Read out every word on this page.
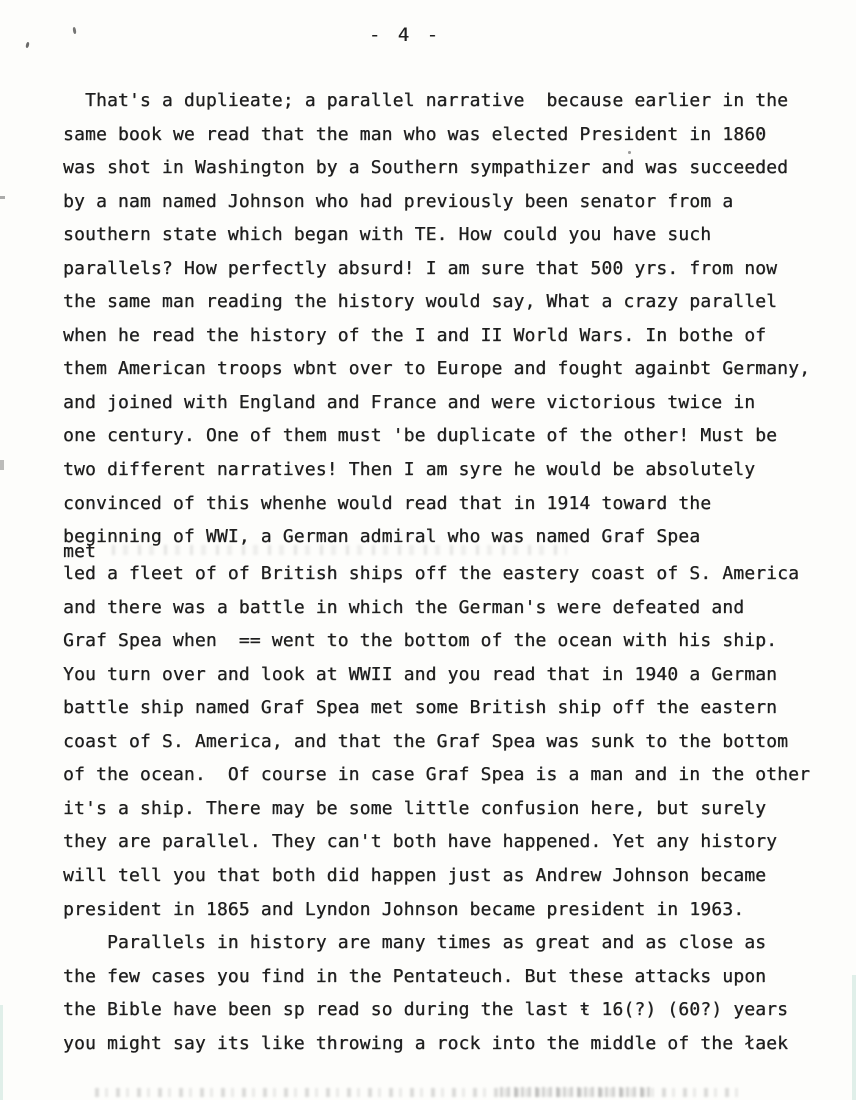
- 4 -
That's a duplieate; a parallel narrative  because earlier in the
same book we read that the man who was elected President in 1860
was shot in Washington by a Southern sympathizer and was succeeded
by a nam named Johnson who had previously been senator from a
southern state which began with TE. How could you have such
parallels? How perfectly absurd! I am sure that 500 yrs. from now
the same man reading the history would say, What a crazy parallel
when he read the history of the I and II World Wars. In bothe of
them American troops wbnt over to Europe and fought againbt Germany,
and joined with England and France and were victorious twice in
one century. One of them must 'be duplicate of the other! Must be
two different narratives! Then I am syre he would be absolutely
convinced of this whenhe would read that in 1914 toward the
beginning of WWI, a German admiral who was named Graf Spea
met
led a fleet of of British ships off the eastery coast of S. America
and there was a battle in which the German's were defeated and
Graf Spea when  == went to the bottom of the ocean with his ship.
You turn over and look at WWII and you read that in 1940 a German
battle ship named Graf Spea met some British ship off the eastern
coast of S. America, and that the Graf Spea was sunk to the bottom
of the ocean.  Of course in case Graf Spea is a man and in the other
it's a ship. There may be some little confusion here, but surely
they are parallel. They can't both have happened. Yet any history
will tell you that both did happen just as Andrew Johnson became
president in 1865 and Lyndon Johnson became president in 1963.
Parallels in history are many times as great and as close as
the few cases you find in the Pentateuch. But these attacks upon
the Bible have been sp read so during the last ŧ 16(?) (60?) years
you might say its like throwing a rock into the middle of the łaek
